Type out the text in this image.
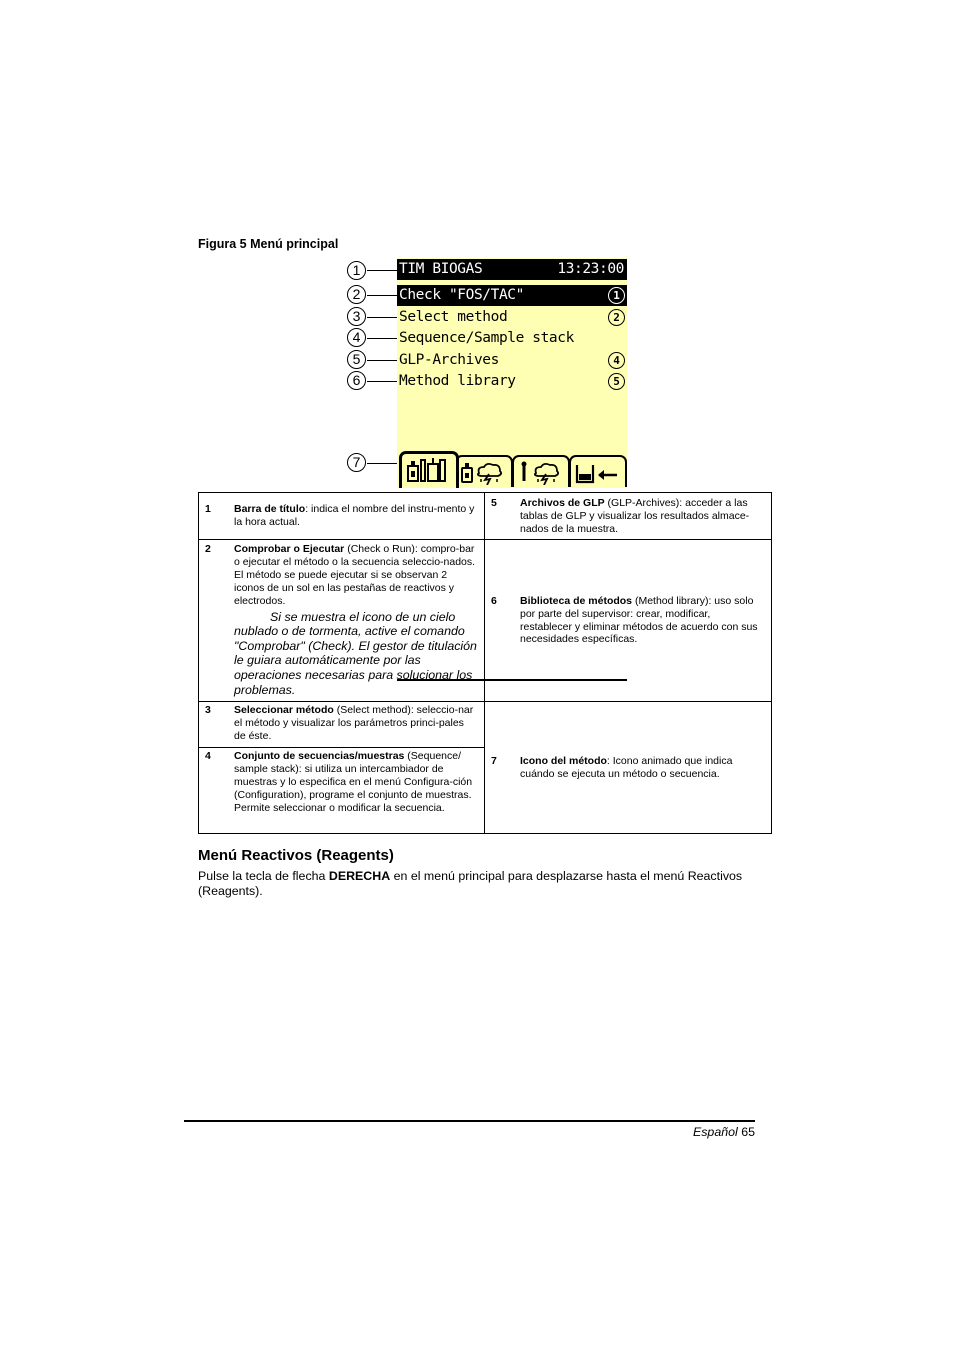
Figura 5 Menú principal
1
2
3
4
5
6
7
TIM BIOGAS	13:23:00
Check "FOS/TAC"	1
Select method	2
Sequence/Sample stack
GLP-Archives	4
Method library	5
1 Barra de título: indica el nombre del instru-mento y la hora actual.	5 Archivos de GLP (GLP-Archives): acceder a las tablas de GLP y visualizar los resultados almace-nados de la muestra.

2 Comprobar o Ejecutar (Check o Run): compro-bar o ejecutar el método o la secuencia seleccio-nados. El método se puede ejecutar si se observan 2 iconos de un sol en las pestañas de reactivos y electrodos.
Si se muestra el icono de un cielo nublado o de tormenta, active el comando "Comprobar" (Check). El gestor de titulación le guiara automáticamente por las operaciones necesarias para solucionar los problemas.	6 Biblioteca de métodos (Method library): uso solo por parte del supervisor: crear, modificar, restablecer y eliminar métodos de acuerdo con sus necesidades específicas.

3 Seleccionar método (Select method): seleccio-nar el método y visualizar los parámetros princi-pales de éste.	7 Icono del método: Icono animado que indica cuándo se ejecuta un método o secuencia.

4 Conjunto de secuencias/muestras (Sequence/ sample stack): si utiliza un intercambiador de muestras y lo especifica en el menú Configura-ción (Configuration), programe el conjunto de muestras. Permite seleccionar o modificar la secuencia.	
Menú Reactivos (Reagents)
Pulse la tecla de flecha DERECHA en el menú principal para desplazarse hasta el menú Reactivos (Reagents).
Español 65
